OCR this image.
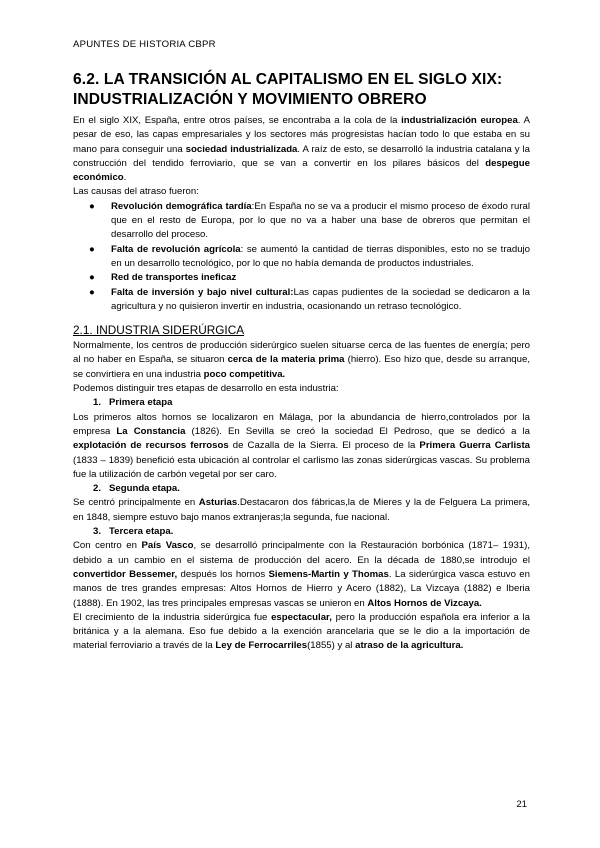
APUNTES DE HISTORIA CBPR
6.2. LA TRANSICIÓN AL CAPITALISMO EN EL SIGLO XIX: INDUSTRIALIZACIÓN Y MOVIMIENTO OBRERO

En el siglo XIX, España, entre otros países, se encontraba a la cola de la industrialización europea. A pesar de eso, las capas empresariales y los sectores más progresistas hacían todo lo que estaba en su mano para conseguir una sociedad industrializada. A raíz de esto, se desarrolló la industria catalana y la construcción del tendido ferroviario, que se van a convertir en los pilares básicos del despegue económico.

Las causas del atraso fueron:

● Revolución demográfica tardía:En España no se va a producir el mismo proceso de éxodo rural que en el resto de Europa, por lo que no va a haber una base de obreros que permitan el desarrollo del proceso.
● Falta de revolución agrícola: se aumentó la cantidad de tierras disponibles, esto no se tradujo en un desarrollo tecnológico, por lo que no había demanda de productos industriales.
● Red de transportes ineficaz
● Falta de inversión y bajo nivel cultural:Las capas pudientes de la sociedad se dedicaron a la agricultura y no quisieron invertir en industria, ocasionando un retraso tecnológico.
2.1. INDUSTRIA SIDERÚRGICA

Normalmente, los centros de producción siderúrgico suelen situarse cerca de las fuentes de energía; pero al no haber en España, se situaron cerca de la materia prima (hierro). Eso hizo que, desde su arranque, se convirtiera en una industria poco competitiva.

Podemos distinguir tres etapas de desarrollo en esta industria:

1. Primera etapa

Los primeros altos hornos se localizaron en Málaga, por la abundancia de hierro,controlados por la empresa La Constancia (1826). En Sevilla se creó la sociedad El Pedroso, que se dedicó a la explotación de recursos ferrosos de Cazalla de la Sierra. El proceso de la Primera Guerra Carlista (1833 – 1839) benefició esta ubicación al controlar el carlismo las zonas siderúrgicas vascas. Su problema fue la utilización de carbón vegetal por ser caro.

2. Segunda etapa.

Se centró principalmente en Asturias.Destacaron dos fábricas,la de Mieres y la de Felguera La primera, en 1848, siempre estuvo bajo manos extranjeras;la segunda, fue nacional.

3. Tercera etapa.

Con centro en País Vasco, se desarrolló principalmente con la Restauración borbónica (1871– 1931), debido a un cambio en el sistema de producción del acero. En la década de 1880,se introdujo el convertidor Bessemer, después los hornos Siemens-Martin y Thomas. La siderúrgica vasca estuvo en manos de tres grandes empresas: Altos Hornos de Hierro y Acero (1882), La Vizcaya (1882) e Iberia (1888). En 1902, las tres principales empresas vascas se unieron en Altos Hornos de Vizcaya.

El crecimiento de la industria siderúrgica fue espectacular, pero la producción española era inferior a la británica y a la alemana. Eso fue debido a la exención arancelaria que se le dio a la importación de material ferroviario a través de la Ley de Ferrocarriles(1855) y al atraso de la agricultura.

21
